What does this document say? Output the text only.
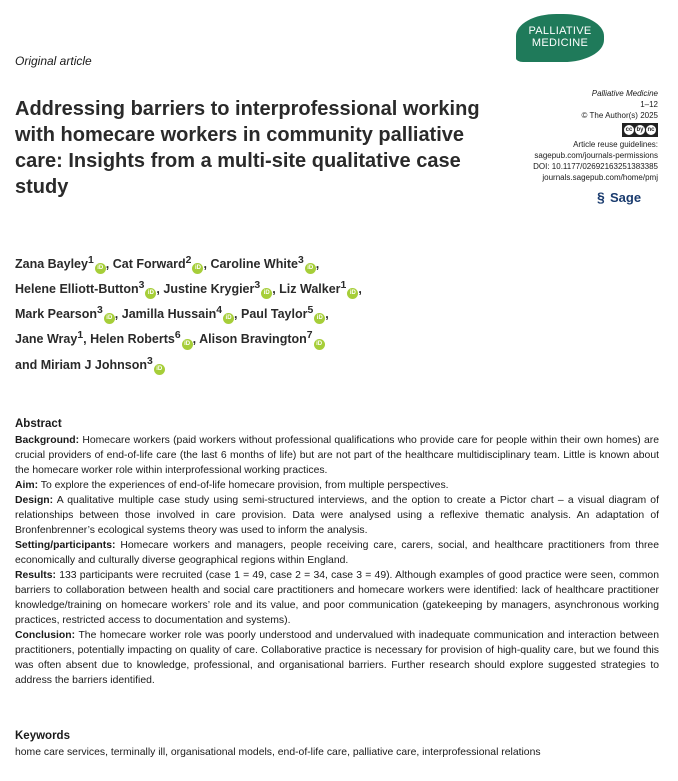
PALLIATIVE
MEDICINE
Original article
Addressing barriers to interprofessional working with homecare workers in community palliative care: Insights from a multi-site qualitative case study
Palliative Medicine
1–12
© The Author(s) 2025
cc by nc
Article reuse guidelines:
sagepub.com/journals-permissions
DOI: 10.1177/02692163251383385
journals.sagepub.com/home/pmj
§ Sage
Zana Bayley$^1$iD , Cat Forward$^2$iD , Caroline White$^3$iD ,
Helene Elliott-Button$^3$iD , Justine Krygier$^3$iD , Liz Walker$^1$iD ,
Mark Pearson$^3$iD , Jamilla Hussain$^4$iD , Paul Taylor$^5$iD ,
Jane Wray$^1$, Helen Roberts$^6$iD , Alison Bravington$^7$iD
and Miriam J Johnson$^3$iD
Abstract

Background: Homecare workers (paid workers without professional qualifications who provide care for people within their own homes) are crucial providers of end-of-life care (the last 6 months of life) but are not part of the healthcare multidisciplinary team. Little is known about the homecare worker role within interprofessional working practices.

Aim: To explore the experiences of end-of-life homecare provision, from multiple perspectives.

Design: A qualitative multiple case study using semi-structured interviews, and the option to create a Pictor chart – a visual diagram of relationships between those involved in care provision. Data were analysed using a reflexive thematic analysis. An adaptation of Bronfenbrenner’s ecological systems theory was used to inform the analysis.

Setting/participants: Homecare workers and managers, people receiving care, carers, social, and healthcare practitioners from three economically and culturally diverse geographical regions within England.

Results: 133 participants were recruited (case 1 = 49, case 2 = 34, case 3 = 49). Although examples of good practice were seen, common barriers to collaboration between health and social care practitioners and homecare workers were identified: lack of healthcare practitioner knowledge/training on homecare workers’ role and its value, and poor communication (gatekeeping by managers, asynchronous working practices, restricted access to documentation and systems).

Conclusion: The homecare worker role was poorly understood and undervalued with inadequate communication and interaction between practitioners, potentially impacting on quality of care. Collaborative practice is necessary for provision of high-quality care, but we found this was often absent due to knowledge, professional, and organisational barriers. Further research should explore suggested strategies to address the barriers identified.

Keywords

home care services, terminally ill, organisational models, end-of-life care, palliative care, interprofessional relations
